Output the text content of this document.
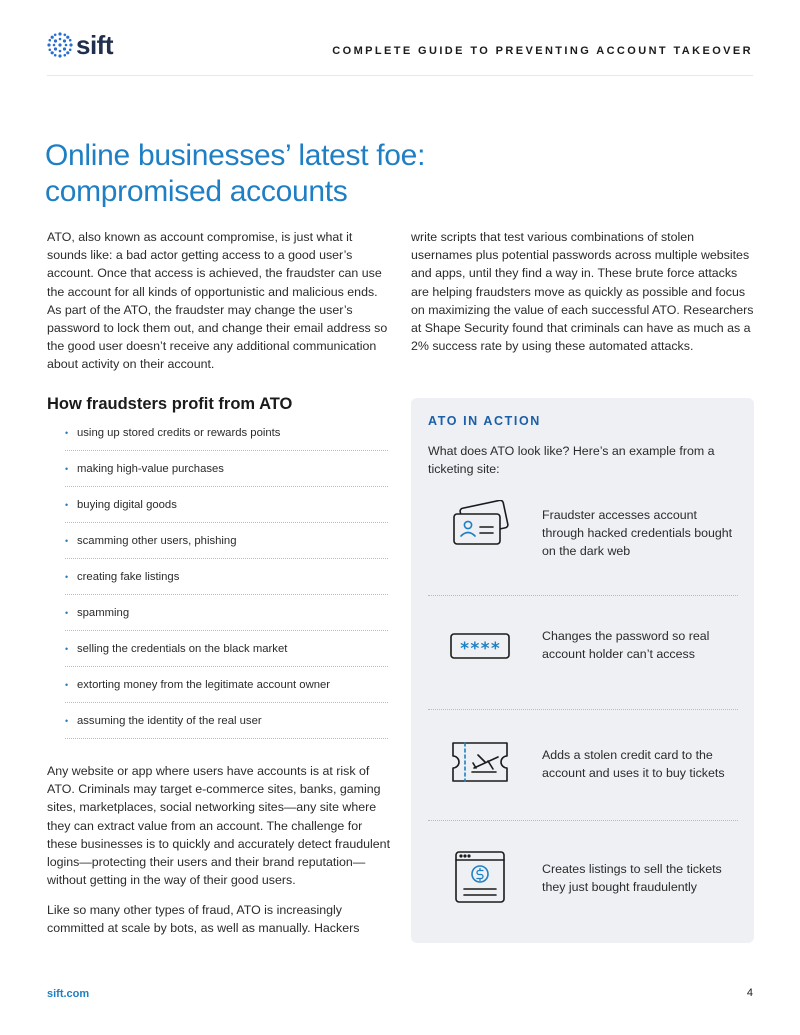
sift	COMPLETE GUIDE TO PREVENTING ACCOUNT TAKEOVER
Online businesses’ latest foe:
compromised accounts

ATO, also known as account compromise, is just what it sounds like: a bad actor getting access to a good user’s account. Once that access is achieved, the fraudster can use the account for all kinds of opportunistic and malicious ends. As part of the ATO, the fraudster may change the user’s password to lock them out, and change their email address so the good user doesn’t receive any additional communication about activity on their account.

write scripts that test various combinations of stolen usernames plus potential passwords across multiple websites and apps, until they find a way in. These brute force attacks are helping fraudsters move as quickly as possible and focus on maximizing the value of each successful ATO. Researchers at Shape Security found that criminals can have as much as a 2% success rate by using these automated attacks.

How fraudsters profit from ATO
• using up stored credits or rewards points
• making high-value purchases
• buying digital goods
• scamming other users, phishing
• creating fake listings
• spamming
• selling the credentials on the black market
• extorting money from the legitimate account owner
• assuming the identity of the real user

Any website or app where users have accounts is at risk of ATO. Criminals may target e-commerce sites, banks, gaming sites, marketplaces, social networking sites—any site where they can extract value from an account. The challenge for these businesses is to quickly and accurately detect fraudulent logins—protecting their users and their brand reputation—without getting in the way of their good users.

Like so many other types of fraud, ATO is increasingly committed at scale by bots, as well as manually. Hackers

ATO IN ACTION
What does ATO look like? Here’s an example from a ticketing site:
Fraudster accesses account through hacked credentials bought on the dark web
****
Changes the password so real account holder can’t access
Adds a stolen credit card to the account and uses it to buy tickets
Creates listings to sell the tickets they just bought fraudulently
sift.com	4
